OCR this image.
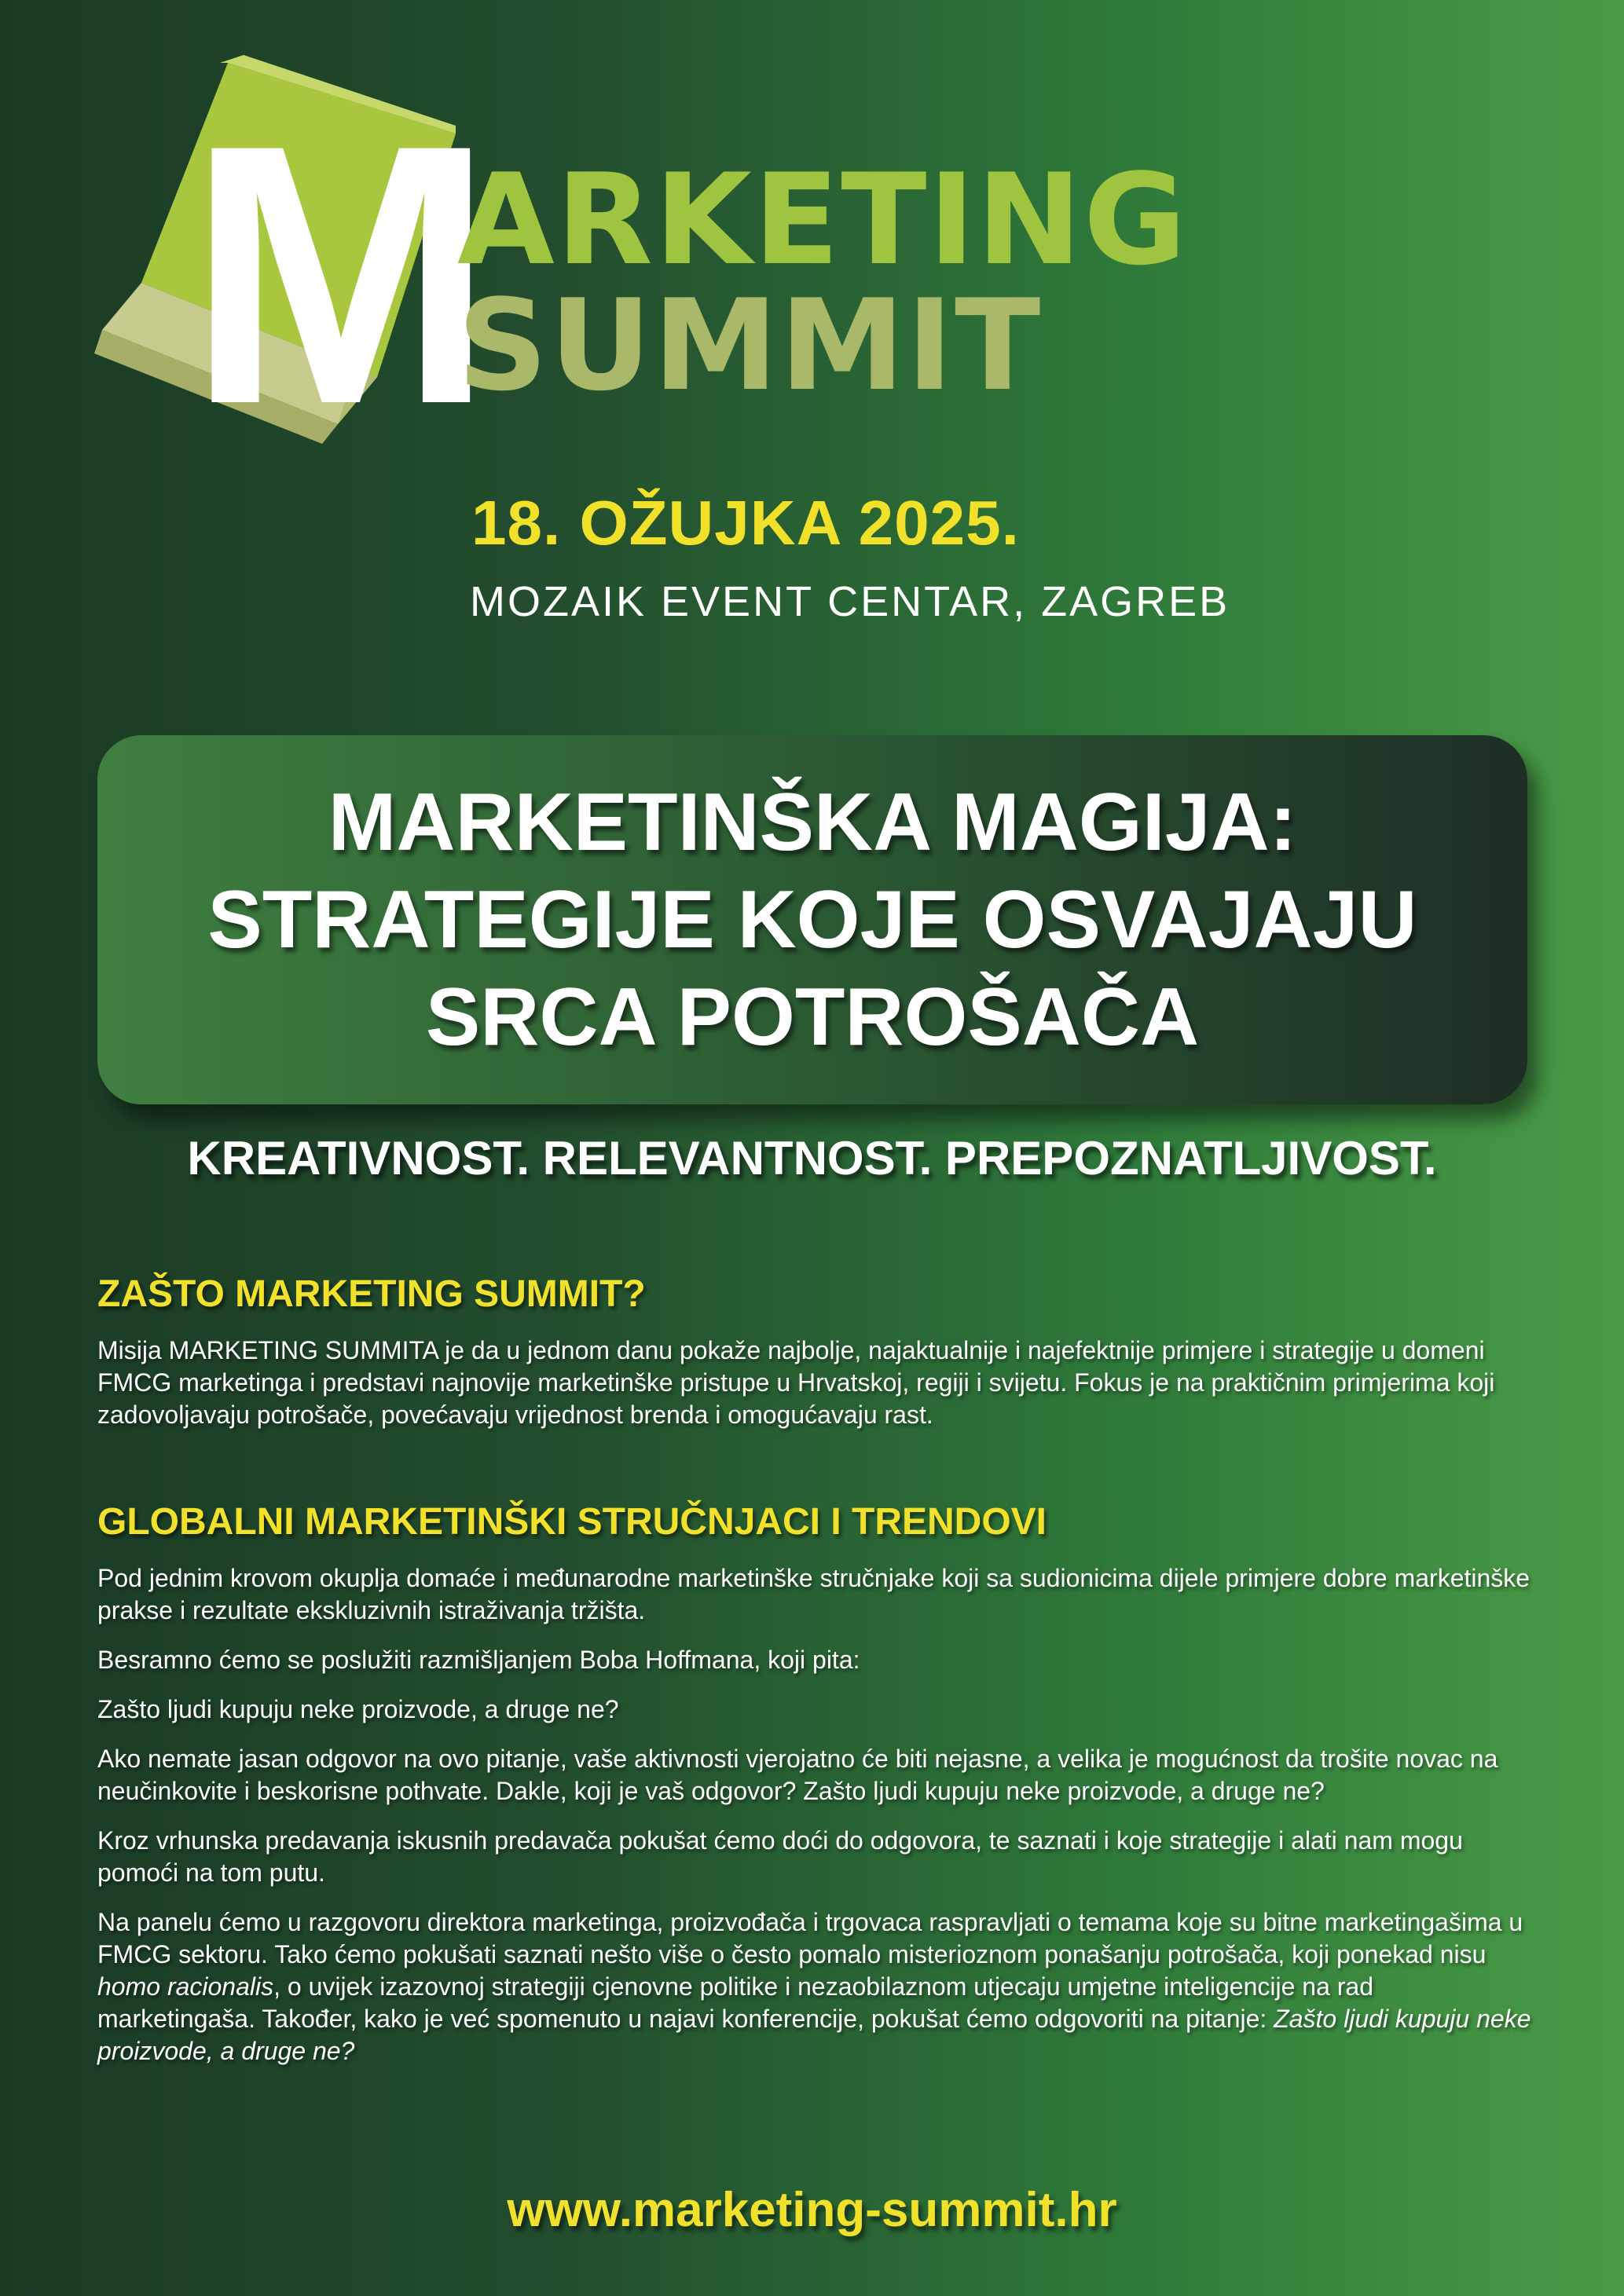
M
ARKETING
SUMMIT
18. OŽUJKA 2025.
MOZAIK EVENT CENTAR, ZAGREB
MARKETINŠKA MAGIJA:
STRATEGIJE KOJE OSVAJAJU
SRCA POTROŠAČA
KREATIVNOST. RELEVANTNOST. PREPOZNATLJIVOST.
ZAŠTO MARKETING SUMMIT?

Misija MARKETING SUMMITA je da u jednom danu pokaže najbolje, najaktualnije i najefektnije primjere i strategije u domeni FMCG marketinga i predstavi najnovije marketinške pristupe u Hrvatskoj, regiji i svijetu. Fokus je na praktičnim primjerima koji zadovoljavaju potrošače, povećavaju vrijednost brenda i omogućavaju rast.

GLOBALNI MARKETINŠKI STRUČNJACI I TRENDOVI

Pod jednim krovom okuplja domaće i međunarodne marketinške stručnjake koji sa sudionicima dijele primjere dobre marketinške prakse i rezultate ekskluzivnih istraživanja tržišta.

Besramno ćemo se poslužiti razmišljanjem Boba Hoffmana, koji pita:

Zašto ljudi kupuju neke proizvode, a druge ne?

Ako nemate jasan odgovor na ovo pitanje, vaše aktivnosti vjerojatno će biti nejasne, a velika je mogućnost da trošite novac na neučinkovite i beskorisne pothvate. Dakle, koji je vaš odgovor? Zašto ljudi kupuju neke proizvode, a druge ne?

Kroz vrhunska predavanja iskusnih predavača pokušat ćemo doći do odgovora, te saznati i koje strategije i alati nam mogu pomoći na tom putu.

Na panelu ćemo u razgovoru direktora marketinga, proizvođača i trgovaca raspravljati o temama koje su bitne marketingašima u FMCG sektoru. Tako ćemo pokušati saznati nešto više o često pomalo misterioznom ponašanju potrošača, koji ponekad nisu homo racionalis, o uvijek izazovnoj strategiji cjenovne politike i nezaobilaznom utjecaju umjetne inteligencije na rad marketingaša. Također, kako je već spomenuto u najavi konferencije, pokušat ćemo odgovoriti na pitanje: Zašto ljudi kupuju neke proizvode, a druge ne?

www.marketing-summit.hr
